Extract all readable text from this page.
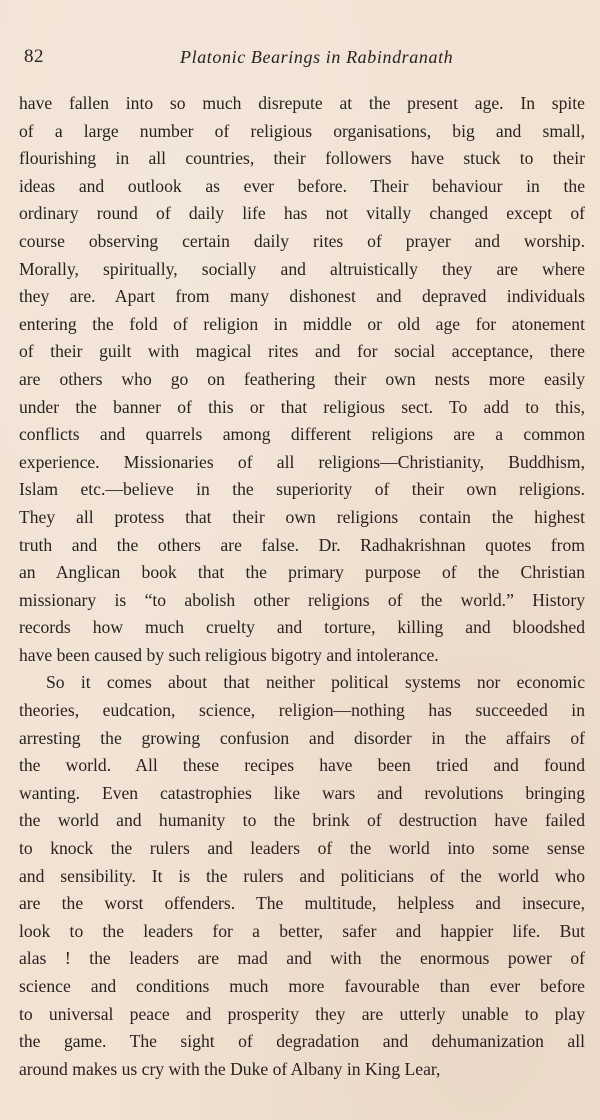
82	Platonic Bearings in Rabindranath
have fallen into so much disrepute at the present age. In spite
of a large number of religious organisations, big and small,
flourishing in all countries, their followers have stuck to their
ideas and outlook as ever before. Their behaviour in the
ordinary round of daily life has not vitally changed except of
course observing certain daily rites of prayer and worship.
Morally, spiritually, socially and altruistically they are where
they are. Apart from many dishonest and depraved individuals
entering the fold of religion in middle or old age for atonement
of their guilt with magical rites and for social acceptance, there
are others who go on feathering their own nests more easily
under the banner of this or that religious sect. To add to this,
conflicts and quarrels among different religions are a common
experience. Missionaries of all religions—Christianity, Buddhism,
Islam etc.—believe in the superiority of their own religions.
They all protess that their own religions contain the highest
truth and the others are false. Dr. Radhakrishnan quotes from
an Anglican book that the primary purpose of the Christian
missionary is “to abolish other religions of the world.” History
records how much cruelty and torture, killing and bloodshed
have been caused by such religious bigotry and intolerance.
So it comes about that neither political systems nor economic
theories, eudcation, science, religion—nothing has succeeded in
arresting the growing confusion and disorder in the affairs of
the world. All these recipes have been tried and found
wanting. Even catastrophies like wars and revolutions bringing
the world and humanity to the brink of destruction have failed
to knock the rulers and leaders of the world into some sense
and sensibility. It is the rulers and politicians of the world who
are the worst offenders. The multitude, helpless and insecure,
look to the leaders for a better, safer and happier life. But
alas ! the leaders are mad and with the enormous power of
science and conditions much more favourable than ever before
to universal peace and prosperity they are utterly unable to play
the game. The sight of degradation and dehumanization all
around makes us cry with the Duke of Albany in King Lear,
